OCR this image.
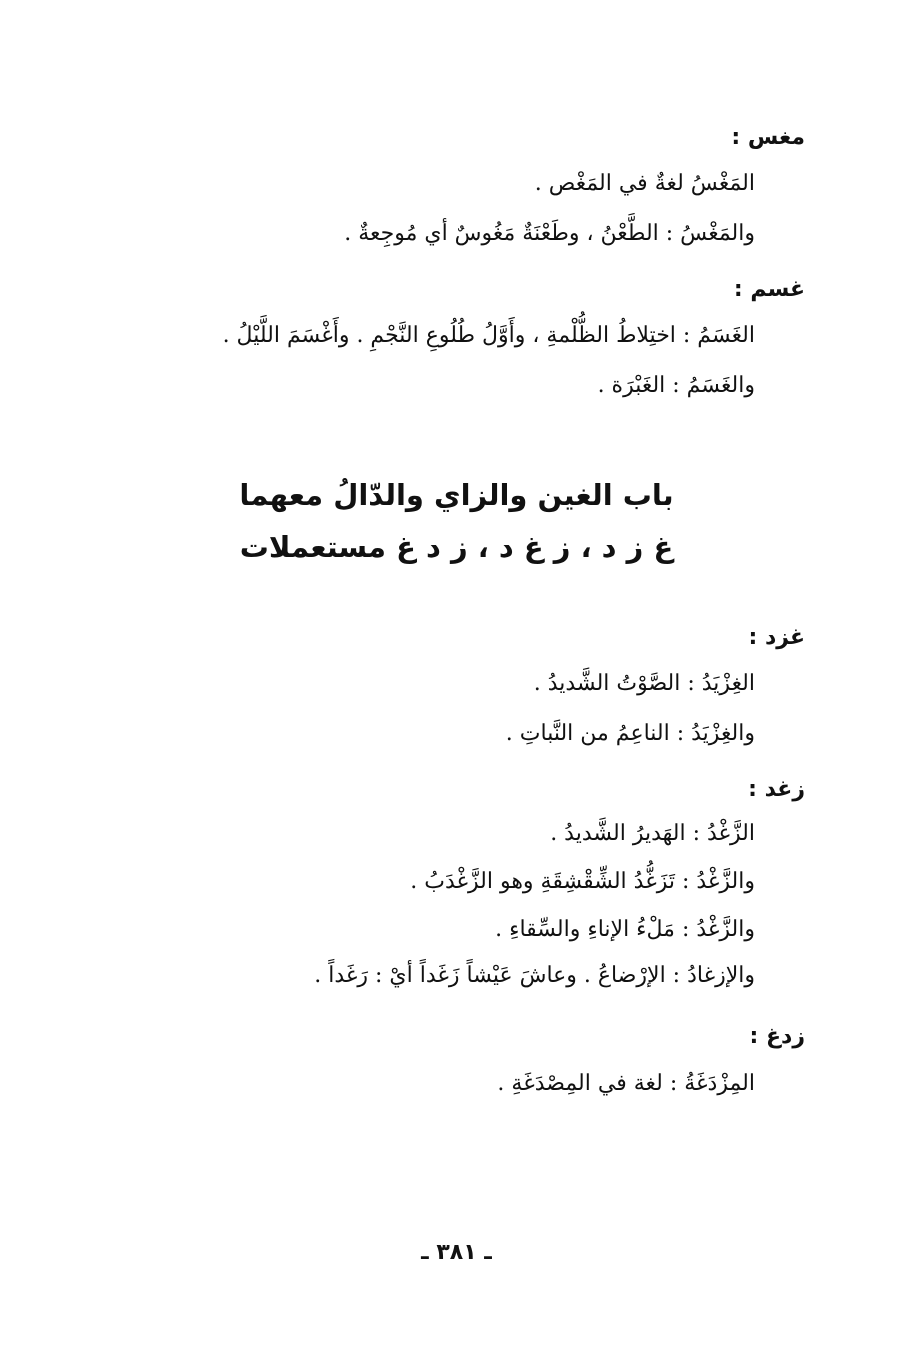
مغس :
المَغْسُ لغةٌ في المَغْص .
والمَغْسُ : الطَّعْنُ ، وطَعْنَةٌ مَغُوسٌ أي مُوجِعةٌ .
غسم :
الغَسَمُ : اختِلاطُ الظُّلْمةِ ، وأَوَّلُ طُلُوعِ النَّجْمِ . وأَغْسَمَ اللَّيْلُ .
والغَسَمُ : الغَبْرَة .
باب الغين والزاي والدّالُ معهما
غ ز د ، ز غ د ، ز د غ مستعملات
غزد :
الغِزْيَدُ : الصَّوْتُ الشَّديدُ .
والغِزْيَدُ : الناعِمُ من النَّباتِ .
زغد :
الزَّغْدُ : الهَديرُ الشَّديدُ .
والزَّغْدُ : تَزَغُّدُ الشِّقْشِقَةِ وهو الزَّغْدَبُ .
والزَّغْدُ : مَلْءُ الإناءِ والسِّقاءِ .
والإزغادُ : الإرْضاعُ . وعاشَ عَيْشاً زَغَداً أيْ : رَغَداً .
زدغ :
المِزْدَغَةُ : لغة في المِصْدَغَةِ .
ـ ٣٨١ ـ
